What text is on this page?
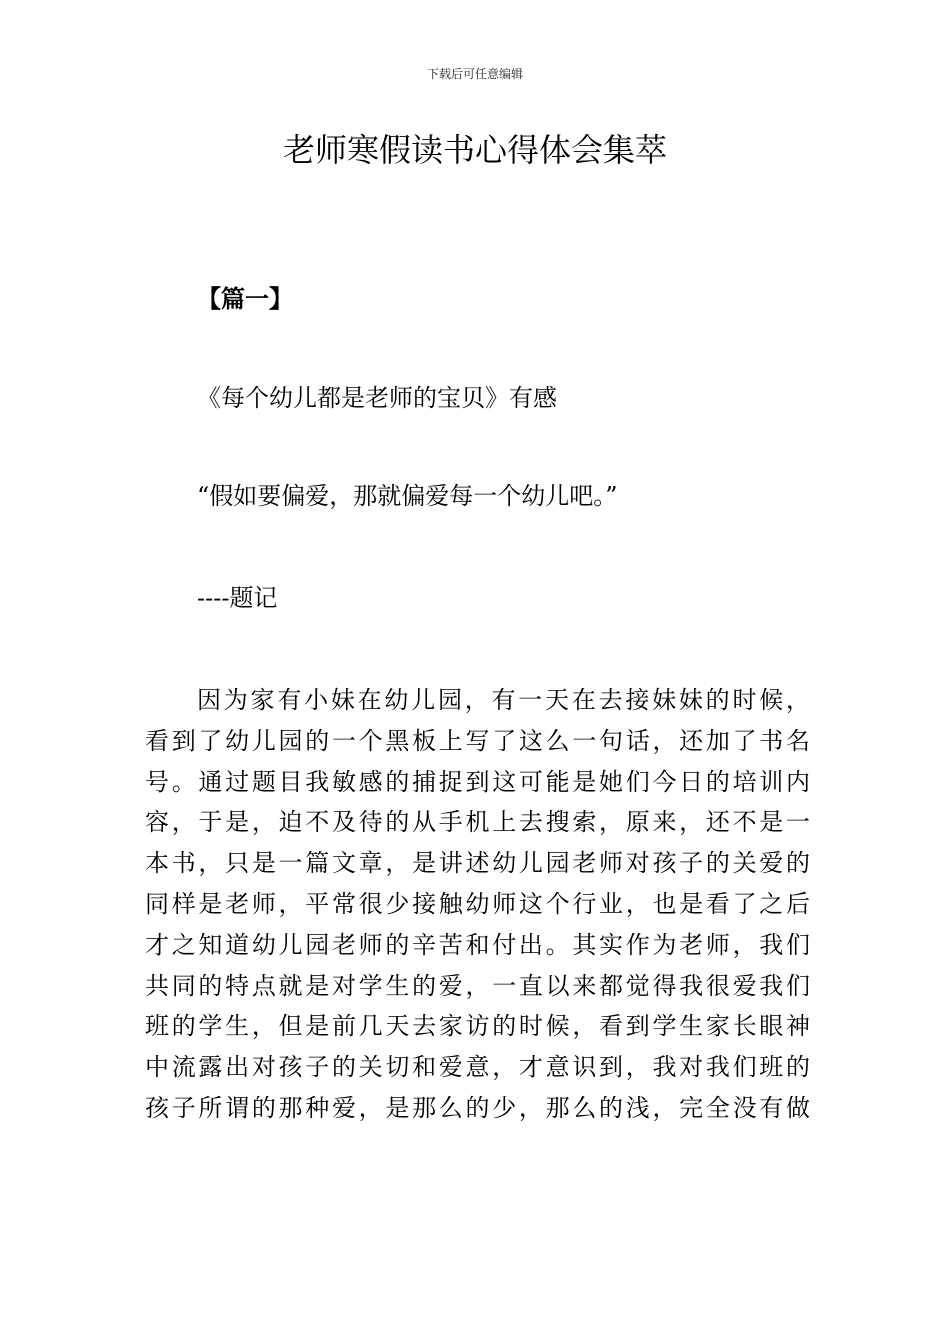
下载后可任意编辑
老师寒假读书心得体会集萃
【篇一】
《每个幼儿都是老师的宝贝》有感
“假如要偏爱，那就偏爱每一个幼儿吧。”
----题记

因为家有小妹在幼儿园，有一天在去接妹妹的时候，
看到了幼儿园的一个黑板上写了这么一句话，还加了书名
号。通过题目我敏感的捕捉到这可能是她们今日的培训内
容，于是，迫不及待的从手机上去搜索，原来，还不是一
本书，只是一篇文章，是讲述幼儿园老师对孩子的关爱的
同样是老师，平常很少接触幼师这个行业，也是看了之后
才之知道幼儿园老师的辛苦和付出。其实作为老师，我们
共同的特点就是对学生的爱，一直以来都觉得我很爱我们
班的学生，但是前几天去家访的时候，看到学生家长眼神
中流露出对孩子的关切和爱意，才意识到，我对我们班的
孩子所谓的那种爱，是那么的少，那么的浅，完全没有做
